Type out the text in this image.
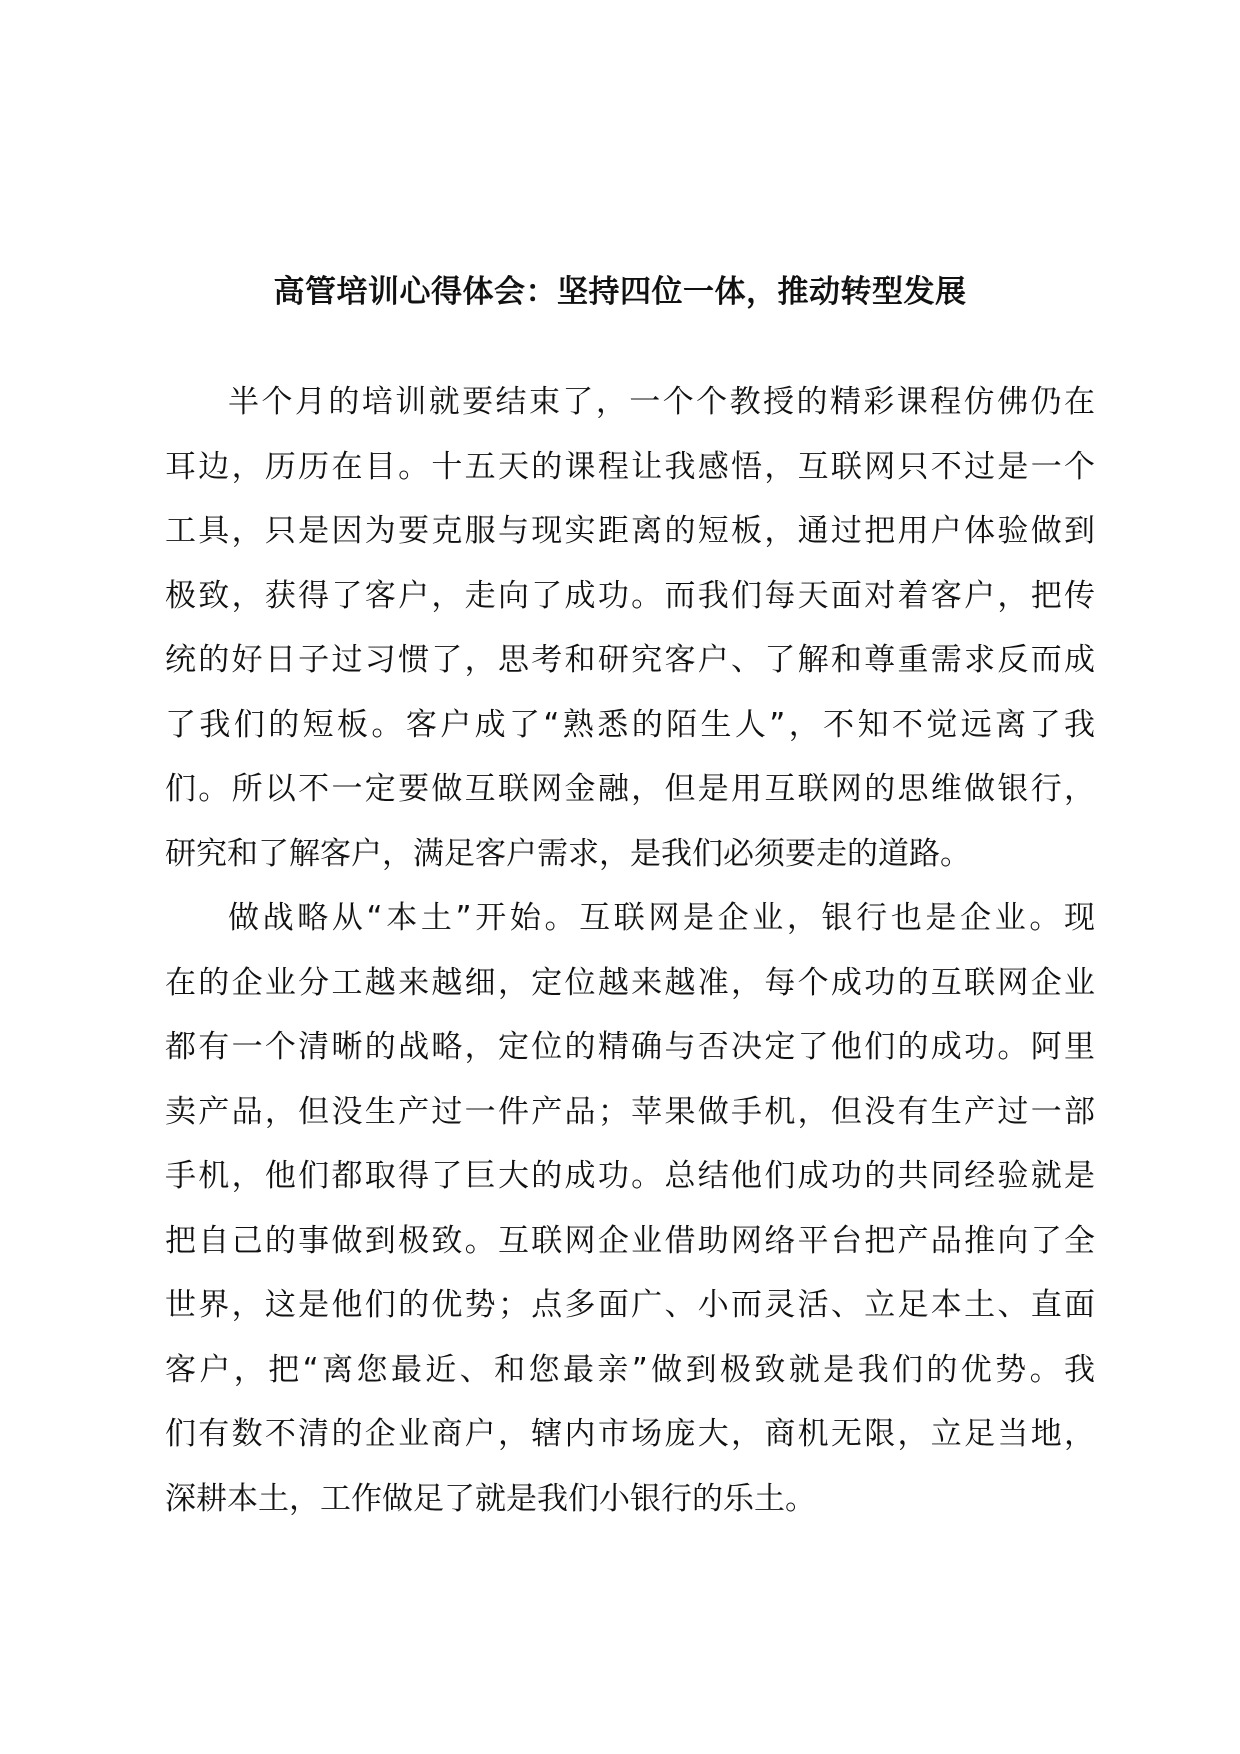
高管培训心得体会：坚持四位一体，推动转型发展
半个月的培训就要结束了，一个个教授的精彩课程仿佛仍在
耳边，历历在目。十五天的课程让我感悟，互联网只不过是一个
工具，只是因为要克服与现实距离的短板，通过把用户体验做到
极致，获得了客户，走向了成功。而我们每天面对着客户，把传
统的好日子过习惯了，思考和研究客户、了解和尊重需求反而成
了我们的短板。客户成了“熟悉的陌生人”，不知不觉远离了我
们。所以不一定要做互联网金融，但是用互联网的思维做银行，
研究和了解客户，满足客户需求，是我们必须要走的道路。
做战略从“本土”开始。互联网是企业，银行也是企业。现
在的企业分工越来越细，定位越来越准，每个成功的互联网企业
都有一个清晰的战略，定位的精确与否决定了他们的成功。阿里
卖产品，但没生产过一件产品；苹果做手机，但没有生产过一部
手机，他们都取得了巨大的成功。总结他们成功的共同经验就是
把自己的事做到极致。互联网企业借助网络平台把产品推向了全
世界，这是他们的优势；点多面广、小而灵活、立足本土、直面
客户，把“离您最近、和您最亲”做到极致就是我们的优势。我
们有数不清的企业商户，辖内市场庞大，商机无限，立足当地，
深耕本土，工作做足了就是我们小银行的乐土。
